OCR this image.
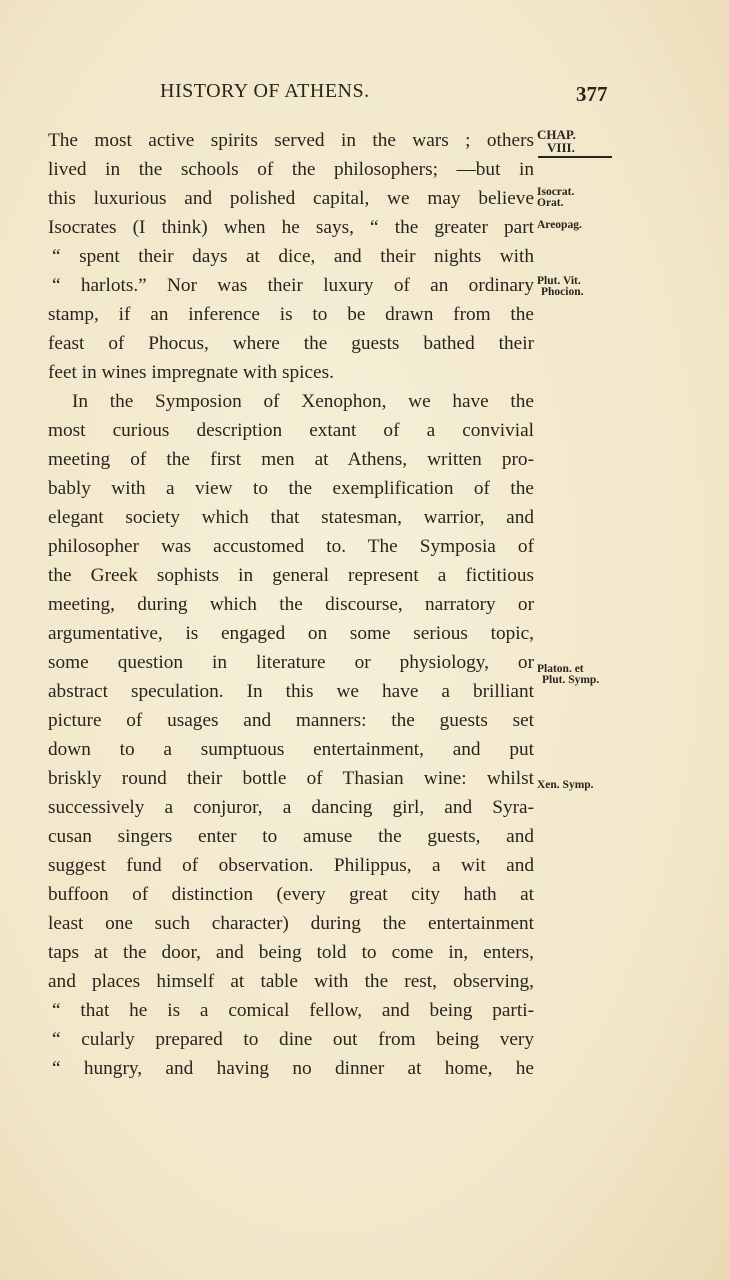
HISTORY OF ATHENS.	377
The most active spirits served in the wars ; others
lived in the schools of the philosophers; —but in
this luxurious and polished capital, we may believe
Isocrates (I think) when he says, “ the greater part
“ spent their days at dice, and their nights with
“ harlots.” Nor was their luxury of an ordinary
stamp, if an inference is to be drawn from the
feast of Phocus, where the guests bathed their
feet in wines impregnate with spices.
In the Symposion of Xenophon, we have the
most curious description extant of a convivial
meeting of the first men at Athens, written pro-
bably with a view to the exemplification of the
elegant society which that statesman, warrior, and
philosopher was accustomed to. The Symposia of
the Greek sophists in general represent a fictitious
meeting, during which the discourse, narratory or
argumentative, is engaged on some serious topic,
some question in literature or physiology, or
abstract speculation. In this we have a brilliant
picture of usages and manners: the guests set
down to a sumptuous entertainment, and put
briskly round their bottle of Thasian wine: whilst
successively a conjuror, a dancing girl, and Syra-
cusan singers enter to amuse the guests, and
suggest fund of observation. Philippus, a wit and
buffoon of distinction (every great city hath at
least one such character) during the entertainment
taps at the door, and being told to come in, enters,
and places himself at table with the rest, observing,
“ that he is a comical fellow, and being parti-
“ cularly prepared to dine out from being very
“ hungry, and having no dinner at home, he
CHAP.
VIII.
Isocrat.
Orat.
Areopag.
Plut. Vit.
Phocion.
Platon. et
Plut. Symp.
Xen. Symp.
